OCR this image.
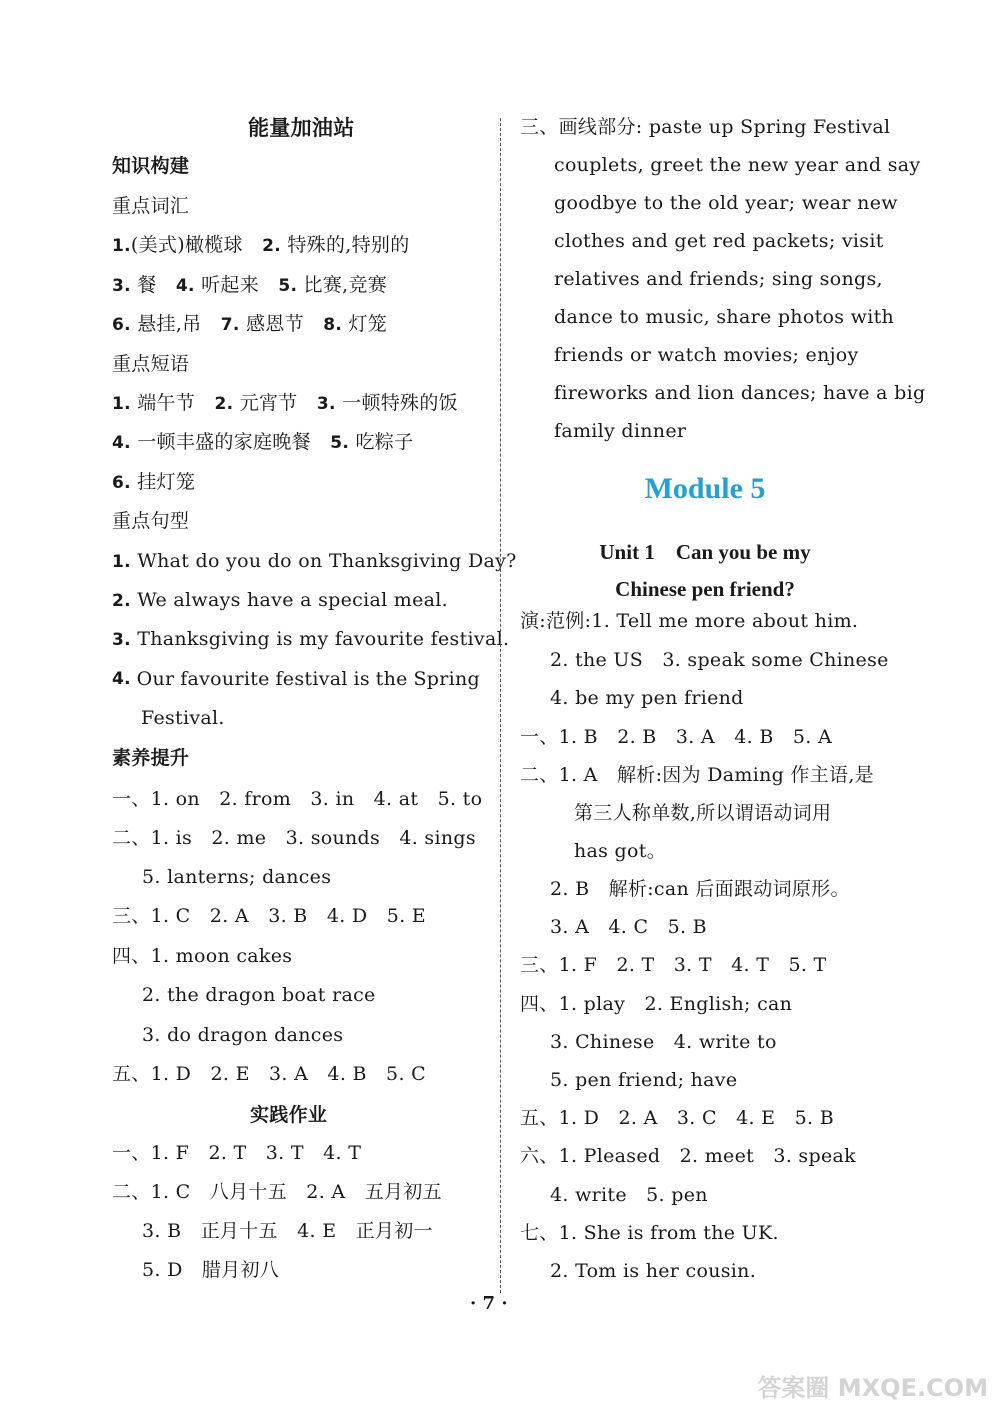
能量加油站
知识构建
重点词汇
1.(美式)橄榄球　 2. 特殊的,特别的
3. 餐　 4. 听起来　 5. 比赛,竞赛
6. 悬挂,吊　 7. 感恩节　 8. 灯笼
重点短语
1. 端午节　 2. 元宵节　 3. 一顿特殊的饭
4. 一顿丰盛的家庭晚餐　 5. 吃粽子
6. 挂灯笼
重点句型
1. What do you do on Thanksgiving Day?
2. We always have a special meal.
3. Thanksgiving is my favourite festival.
4. Our favourite festival is the Spring
Festival.
素养提升
一、1. on　2. from　3. in　4. at　5. to
二、1. is　2. me　3. sounds　4. sings
5. lanterns; dances
三、1. C　2. A　3. B　4. D　5. E
四、1. moon cakes
2. the dragon boat race
3. do dragon dances
五、1. D　2. E　3. A　4. B　5. C
实践作业
一、1. F　2. T　3. T　4. T
二、1. C　八月十五　2. A　五月初五
3. B　正月十五　4. E　正月初一
5. D　腊月初八
三、画线部分: paste up Spring Festival
couplets, greet the new year and say
goodbye to the old year; wear new
clothes and get red packets; visit
relatives and friends; sing songs,
dance to music, share photos with
friends or watch movies; enjoy
fireworks and lion dances; have a big
family dinner
Module 5
Unit 1　Can you be my
Chinese pen friend?
演:范例:1. Tell me more about him.
2. the US　3. speak some Chinese
4. be my pen friend
一、1. B　2. B　3. A　4. B　5. A
二、1. A　解析:因为 Daming 作主语,是
第三人称单数,所以谓语动词用
has got。
2. B　解析:can 后面跟动词原形。
3. A　4. C　5. B
三、1. F　2. T　3. T　4. T　5. T
四、1. play　2. English; can
3. Chinese　4. write to
5. pen friend; have
五、1. D　2. A　3. C　4. E　5. B
六、1. Pleased　2. meet　3. speak
4. write　5. pen
七、1. She is from the UK.
2. Tom is her cousin.
· 7 ·
答案圈 MXQE.COM
